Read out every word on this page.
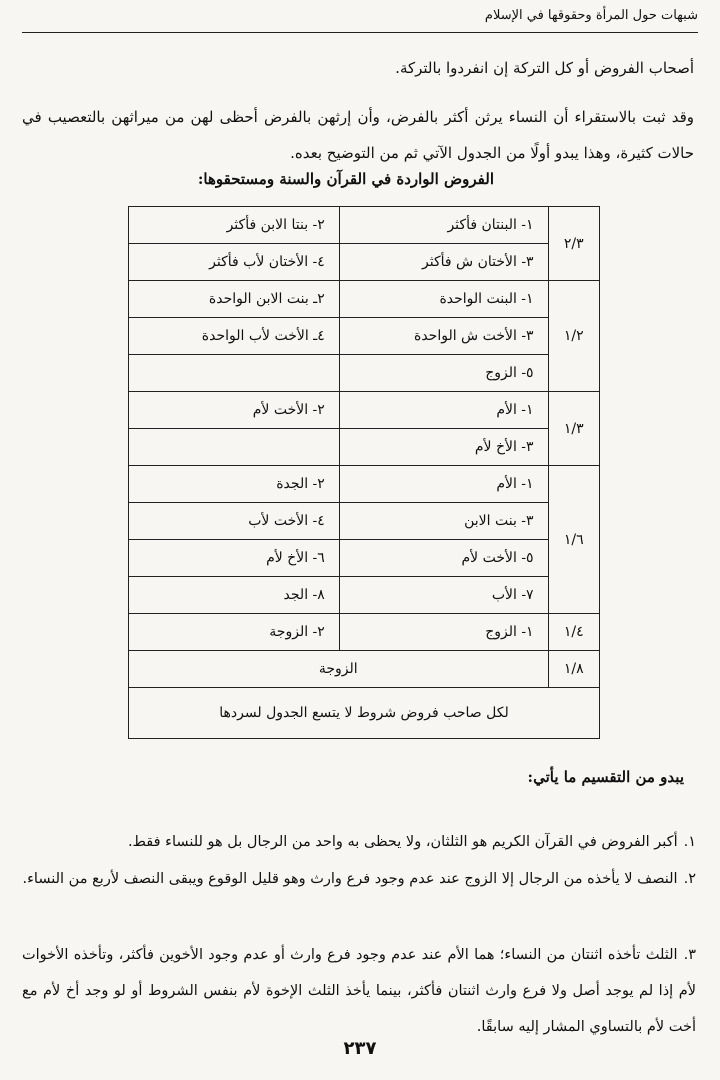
شبهات حول المرأة وحقوقها في الإسلام

أصحاب الفروض أو كل التركة إن انفردوا بالتركة.

وقد ثبت بالاستقراء أن النساء يرثن أكثر بالفرض، وأن إرثهن بالفرض أحظى لهن من ميراثهن بالتعصيب في حالات كثيرة، وهذا يبدو أولًا من الجدول الآتي ثم من التوضيح بعده.

الفروض الواردة في القرآن والسنة ومستحقوها:
٢/٣	١- البنتان فأكثر	٢- بنتا الابن فأكثر
	٣- الأختان ش فأكثر	٤- الأختان لأب فأكثر
١/٢	١- البنت الواحدة	٢ـ بنت الابن الواحدة
	٣- الأخت ش الواحدة	٤ـ الأخت لأب الواحدة
	٥- الزوج	
١/٣	١- الأم	٢- الأخت لأم
	٣- الأخ لأم	
١/٦	١- الأم	٢- الجدة
	٣- بنت الابن	٤- الأخت لأب
	٥- الأخت لأم	٦- الأخ لأم
	٧- الأب	٨- الجد
١/٤	١- الزوج	٢- الزوجة
١/٨	الزوجة	
لكل صاحب فروض شروط لا يتسع الجدول لسردها		
يبدو من التقسيم ما يأتي:

١.أكبر الفروض في القرآن الكريم هو الثلثان، ولا يحظى به واحد من الرجال بل هو للنساء فقط.

٢.النصف لا يأخذه من الرجال إلا الزوج عند عدم وجود فرع وارث وهو قليل الوقوع ويبقى النصف لأربع من النساء.

٣.الثلث تأخذه اثنتان من النساء؛ هما الأم عند عدم وجود فرع وارث أو عدم وجود الأخوين فأكثر، وتأخذه الأخوات لأم إذا لم يوجد أصل ولا فرع وارث اثنتان فأكثر، بينما يأخذ الثلث الإخوة لأم بنفس الشروط أو لو وجد أخ لأم مع أخت لأم بالتساوي المشار إليه سابقًا.

٢٣٧
